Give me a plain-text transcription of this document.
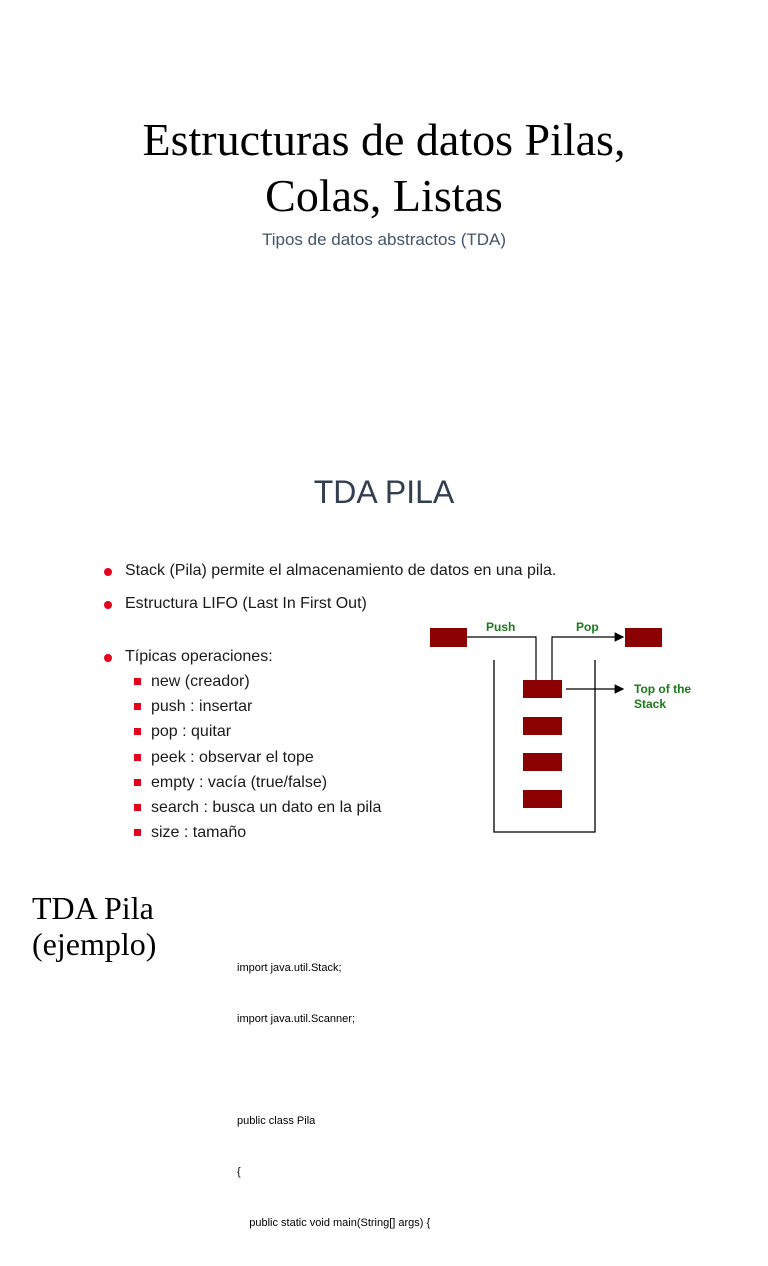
Estructuras de datos Pilas,
Colas, Listas
Tipos de datos abstractos (TDA)
TDA PILA
Stack (Pila) permite el almacenamiento de datos en una pila.
Estructura LIFO (Last In First Out)
Típicas operaciones:
new (creador)
push : insertar
pop : quitar
peek : observar el tope
empty : vacía (true/false)
search : busca un dato en la pila
size : tamaño
Push	Pop
Top of the
Stack
TDA Pila
(ejemplo)

import java.util.Stack;

import java.util.Scanner;

public class Pila

{

public static void main(String[] args) {
